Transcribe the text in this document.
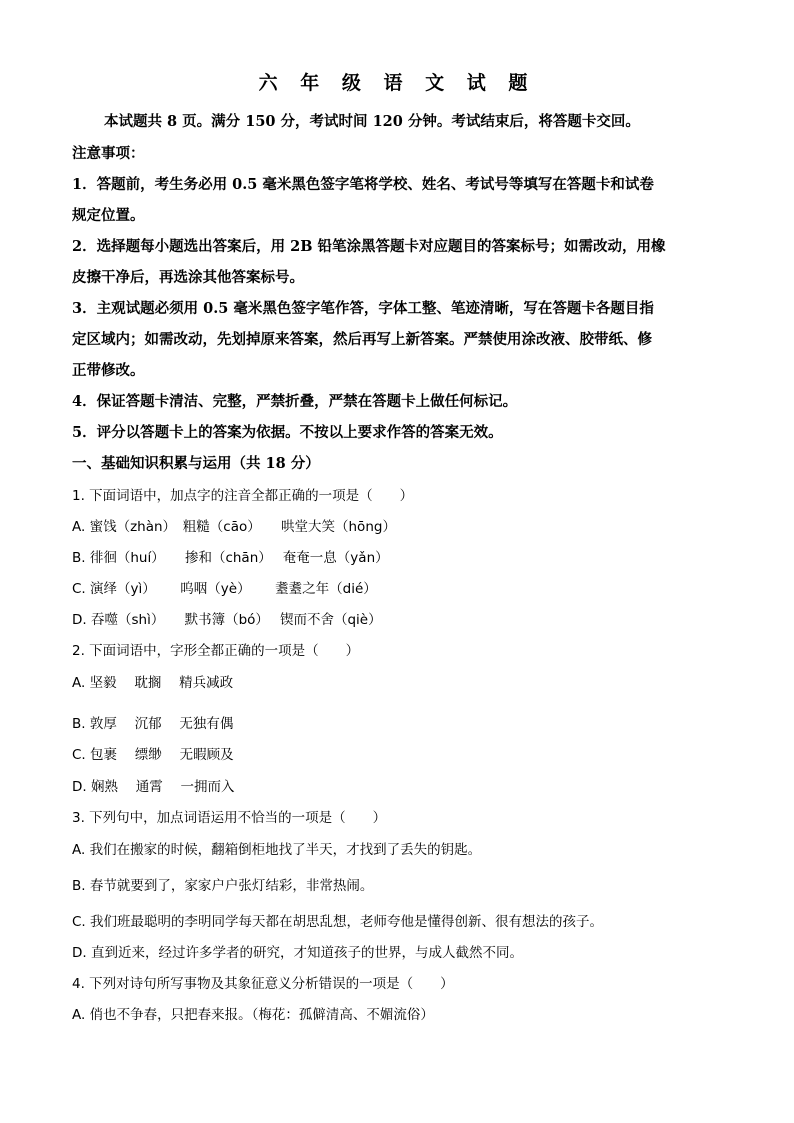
六 年 级 语 文 试 题
本试题共 8 页。满分 150 分，考试时间 120 分钟。考试结束后，将答题卡交回。
注意事项：
1．答题前，考生务必用 0.5 毫米黑色签字笔将学校、姓名、考试号等填写在答题卡和试卷
规定位置。
2．选择题每小题选出答案后，用 2B 铅笔涂黑答题卡对应题目的答案标号；如需改动，用橡
皮擦干净后，再选涂其他答案标号。
3．主观试题必须用 0.5 毫米黑色签字笔作答，字体工整、笔迹清晰，写在答题卡各题目指
定区域内；如需改动，先划掉原来答案，然后再写上新答案。严禁使用涂改液、胶带纸、修
正带修改。
4．保证答题卡清洁、完整，严禁折叠，严禁在答题卡上做任何标记。
5．评分以答题卡上的答案为依据。不按以上要求作答的答案无效。
一、基础知识积累与运用（共 18 分）
1. 下面词语中，加点字的注音全都正确的一项是（　　）
A. 蜜饯（zhàn）　粗糙（cāo）　　哄堂大笑（hōng）
B. 徘徊（huí）　　掺和（chān）　 奄奄一息（yǎn）
C. 演绎（yì）　　 呜咽（yè）　　 耋耋之年（dié）
D. 吞噬（shì）　　默书簿（bó）　 锲而不舍（qiè）
2. 下面词语中，字形全都正确的一项是（　　）
A. 坚毅　 耽搁　 精兵减政
B. 敦厚　 沉郁　 无独有偶
C. 包裹　 缥缈　 无暇顾及
D. 娴熟　 通霄　 一拥而入
3. 下列句中，加点词语运用不恰当的一项是（　　）
A. 我们在搬家的时候，翻箱倒柜地找了半天，才找到了丢失的钥匙。
B. 春节就要到了，家家户户张灯结彩，非常热闹。
C. 我们班最聪明的李明同学每天都在胡思乱想，老师夸他是懂得创新、很有想法的孩子。
D. 直到近来，经过许多学者的研究，才知道孩子的世界，与成人截然不同。
4. 下列对诗句所写事物及其象征意义分析错误的一项是（　　）
A. 俏也不争春，只把春来报。（梅花：孤僻清高、不媚流俗）
